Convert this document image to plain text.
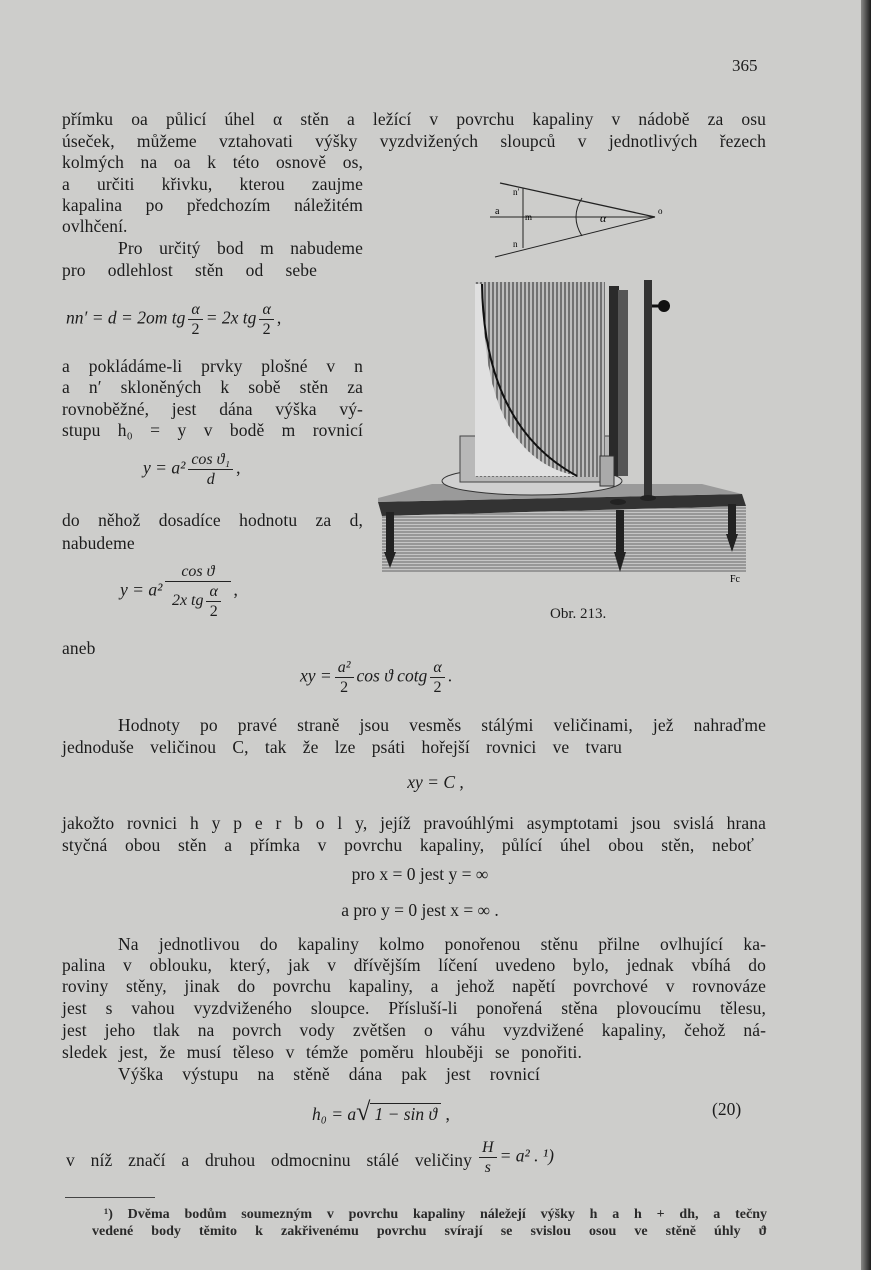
365
přímku oa půlicí úhel α stěn a ležící v povrchu kapaliny v nádobě za osu
úseček, můžeme vztahovati výšky vyzdvižených sloupců v jednotlivých řezech
kolmých na oa k této osnově os,
a určiti křivku, kterou zaujme
kapalina po předchozím náležitém
ovlhčení.
Pro určitý bod m nabudeme
pro odlehlost stěn od sebe
nn′ = d = 2om tg $\frac{\alpha}{2} = 2x$ tg $\frac{\alpha}{2}$ ,
a pokládáme-li prvky plošné v n
a n′ skloněných k sobě stěn za
rovnoběžné, jest dána výška vý-
stupu h₀ = y v bodě m rovnicí
$y = a^2 \frac{\text{cos ϑ₁}}{d}$ ,
do něhož dosadíce hodnotu za d,
nabudeme
$y = a^2 \frac{\text{cos ϑ}}{2x tg \frac{\alpha}{2}}$ ,
aneb
xy = $\frac{\text{a²}}{2}$ cos ϑ cotg $\frac{\alpha}{2}$ .
Hodnoty po pravé straně jsou vesměs stálými veličinami, jež nahraďme
jednoduše veličinou C, tak že lze psáti hořejší rovnici ve tvaru
xy = C ,
jakožto rovnici h y p e r b o l y, jejíž pravoúhlými asymptotami jsou svislá hrana
styčná obou stěn a přímka v povrchu kapaliny, půlící úhel obou stěn, neboť
pro x = 0 jest y = ∞
a pro y = 0 jest x = ∞ .
Na jednotlivou do kapaliny kolmo ponořenou stěnu přilne ovlhující ka-
palina v oblouku, který, jak v dřívějším líčení uvedeno bylo, jednak vbíhá do
roviny stěny, jinak do povrchu kapaliny, a jehož napětí povrchové v rovnováze
jest s vahou vyzdviženého sloupce. Přísluší-li ponořená stěna plovoucímu tělesu,
jest jeho tlak na povrch vody zvětšen o váhu vyzdvižené kapaliny, čehož ná-
sledek jest, že musí těleso v témže poměru hlouběji se ponořiti.
Výška výstupu na stěně dána pak jest rovnicí
h₀ = a√ 1 − sin ϑ ,	(20)
v níž značí a druhou odmocninu stálé veličiny $\frac{H}{s} = a^2$ . ¹)
¹) Dvěma bodům soumezným v povrchu kapaliny náležejí výšky h a h + dh, a tečny
vedené body těmito k zakřivenému povrchu svírají se svislou osou ve stěně úhly ϑ
a	m
n′
n
α	o
Fc
Obr. 213.
